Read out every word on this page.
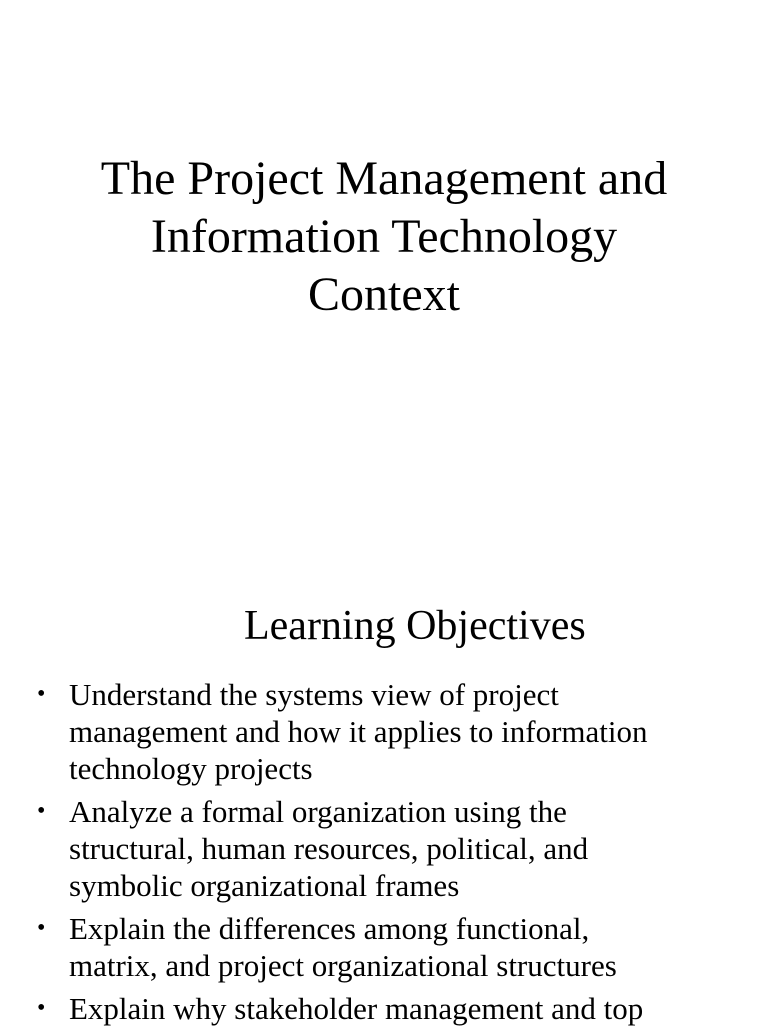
The Project Management and
Information Technology
Context
Learning Objectives
• Understand the systems view of project
management and how it applies to information
technology projects
• Analyze a formal organization using the
structural, human resources, political, and
symbolic organizational frames
• Explain the differences among functional,
matrix, and project organizational structures
• Explain why stakeholder management and top
